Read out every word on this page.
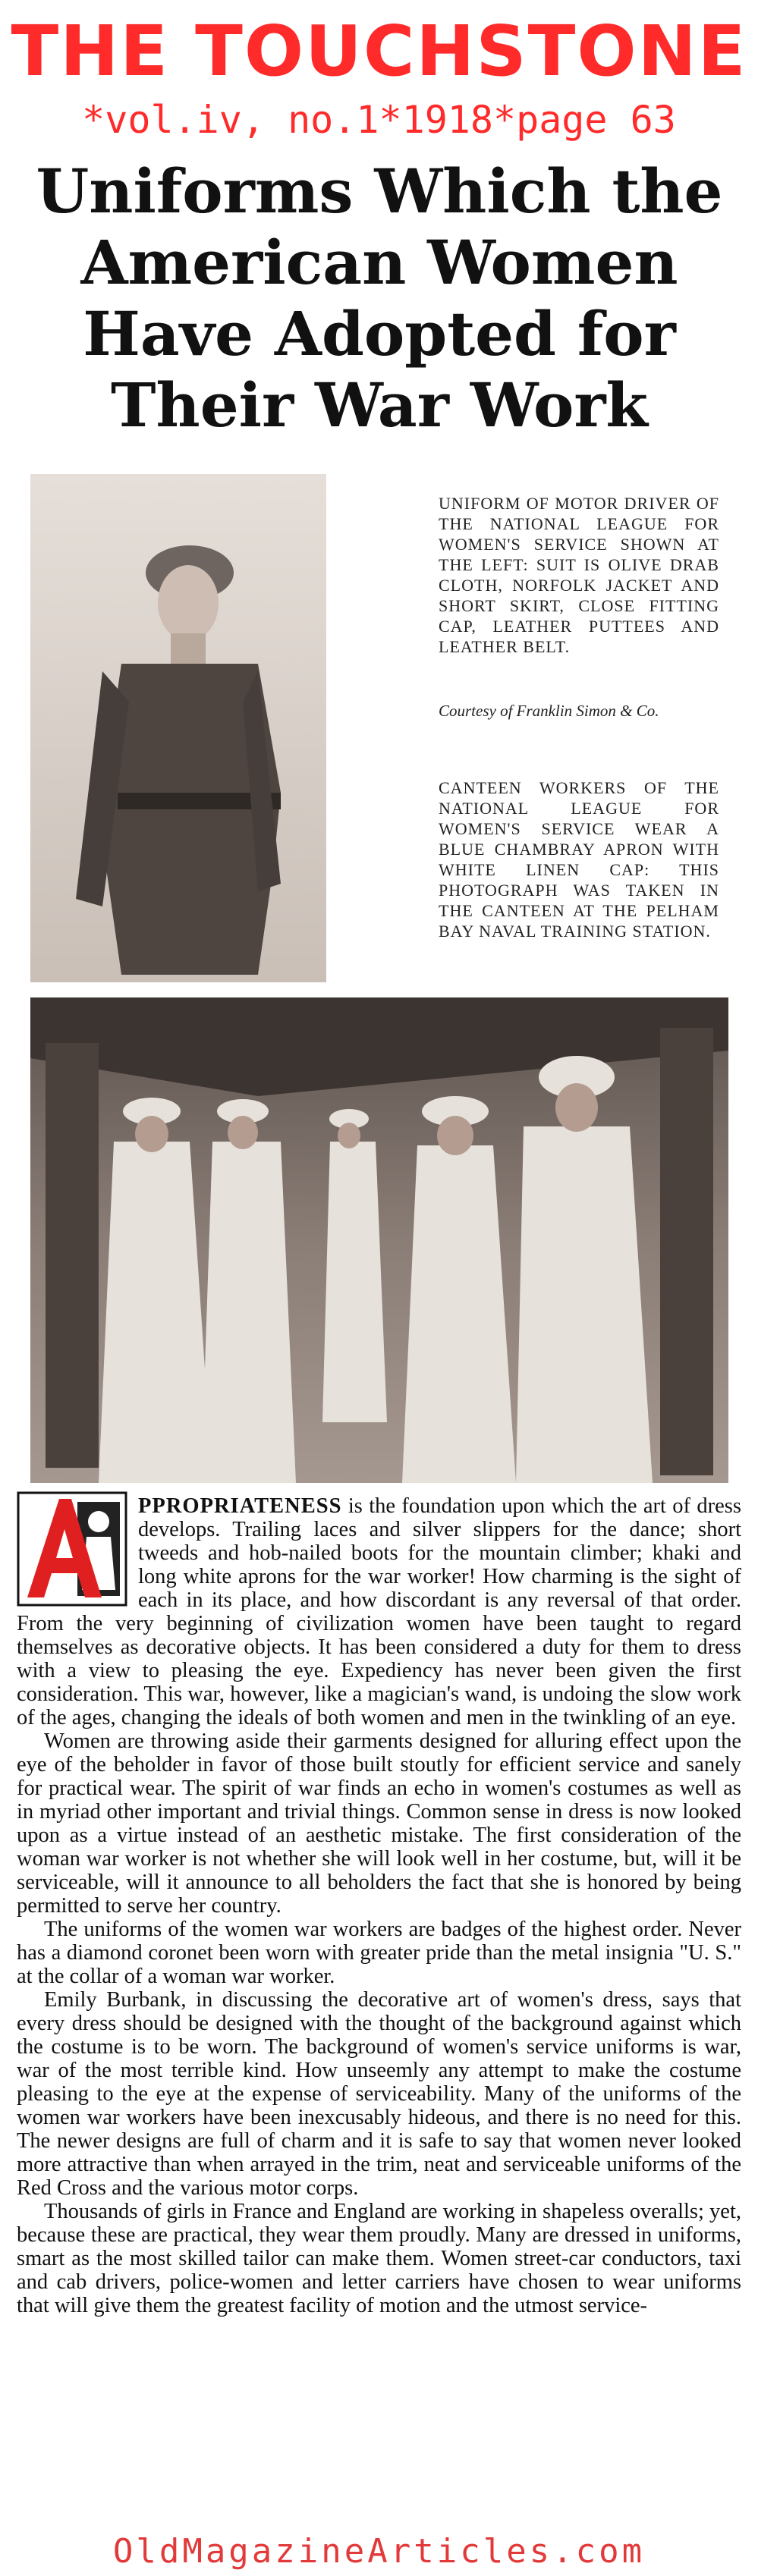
THE TOUCHSTONE
*vol.iv, no.1*1918*page 63
Uniforms Which the American Women Have Adopted for Their War Work
UNIFORM OF MOTOR DRIVER OF THE NATIONAL LEAGUE FOR WOMEN'S SERVICE SHOWN AT THE LEFT: SUIT IS OLIVE DRAB CLOTH, NORFOLK JACKET AND SHORT SKIRT, CLOSE FITTING CAP, LEATHER PUTTEES AND LEATHER BELT.
Courtesy of Franklin Simon & Co.
CANTEEN WORKERS OF THE NATIONAL LEAGUE FOR WOMEN'S SERVICE WEAR A BLUE CHAMBRAY APRON WITH WHITE LINEN CAP: THIS PHOTOGRAPH WAS TAKEN IN THE CANTEEN AT THE PELHAM BAY NAVAL TRAINING STATION.

PPROPRIATENESS is the foundation upon which the art of dress develops. Trailing laces and silver slippers for the dance; short tweeds and hob-nailed boots for the mountain climber; khaki and long white aprons for the war worker! How charming is the sight of each in its place, and how discordant is any reversal of that order. From the very beginning of civilization women have been taught to regard themselves as decorative objects. It has been considered a duty for them to dress with a view to pleasing the eye. Expediency has never been given the first consideration. This war, however, like a magician's wand, is undoing the slow work of the ages, changing the ideals of both women and men in the twinkling of an eye.

Women are throwing aside their garments designed for alluring effect upon the eye of the beholder in favor of those built stoutly for efficient service and sanely for practical wear. The spirit of war finds an echo in women's costumes as well as in myriad other important and trivial things. Common sense in dress is now looked upon as a virtue instead of an aesthetic mistake. The first consideration of the woman war worker is not whether she will look well in her costume, but, will it be serviceable, will it announce to all beholders the fact that she is honored by being permitted to serve her country.

The uniforms of the women war workers are badges of the highest order. Never has a diamond coronet been worn with greater pride than the metal insignia "U. S." at the collar of a woman war worker.

Emily Burbank, in discussing the decorative art of women's dress, says that every dress should be designed with the thought of the background against which the costume is to be worn. The background of women's service uniforms is war, war of the most terrible kind. How unseemly any attempt to make the costume pleasing to the eye at the expense of serviceability. Many of the uniforms of the women war workers have been inexcusably hideous, and there is no need for this. The newer designs are full of charm and it is safe to say that women never looked more attractive than when arrayed in the trim, neat and serviceable uniforms of the Red Cross and the various motor corps.

Thousands of girls in France and England are working in shapeless overalls; yet, because these are practical, they wear them proudly. Many are dressed in uniforms, smart as the most skilled tailor can make them. Women street-car conductors, taxi and cab drivers, police-women and letter carriers have chosen to wear uniforms that will give them the greatest facility of motion and the utmost service-

OldMagazineArticles.com
